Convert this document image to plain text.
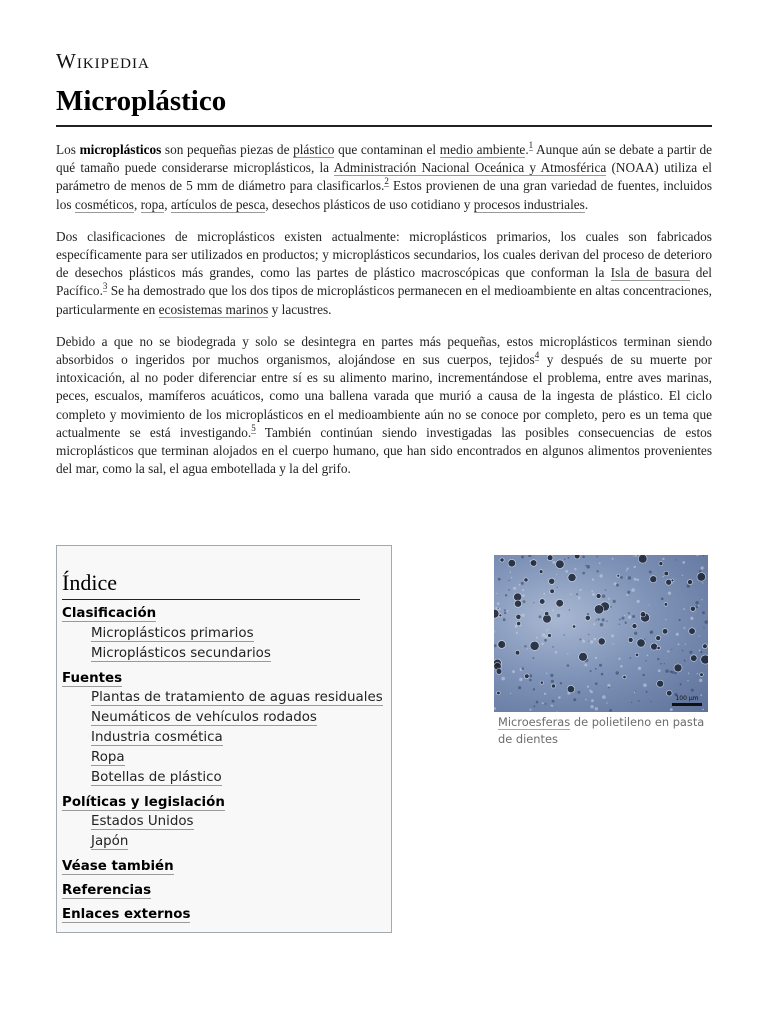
Wikipedia
Microplástico

Los microplásticos son pequeñas piezas de plástico que contaminan el medio ambiente.$^1$ Aunque aún se debate a partir de qué tamaño puede considerarse microplásticos, la Administración Nacional Oceánica y Atmosférica (NOAA) utiliza el parámetro de menos de 5 mm de diámetro para clasificarlos.$^2$ Estos provienen de una gran variedad de fuentes, incluidos los cosméticos, ropa, artículos de pesca, desechos plásticos de uso cotidiano y procesos industriales.

Dos clasificaciones de microplásticos existen actualmente: microplásticos primarios, los cuales son fabricados específicamente para ser utilizados en productos; y microplásticos secundarios, los cuales derivan del proceso de deterioro de desechos plásticos más grandes, como las partes de plástico macroscópicas que conforman la Isla de basura del Pacífico.$^3$ Se ha demostrado que los dos tipos de microplásticos permanecen en el medioambiente en altas concentraciones, particularmente en ecosistemas marinos y lacustres.

Debido a que no se biodegrada y solo se desintegra en partes más pequeñas, estos microplásticos terminan siendo absorbidos o ingeridos por muchos organismos, alojándose en sus cuerpos, tejidos$^4$ y después de su muerte por intoxicación, al no poder diferenciar entre sí es su alimento marino, incrementándose el problema, entre aves marinas, peces, escualos, mamíferos acuáticos, como una ballena varada que murió a causa de la ingesta de plástico. El ciclo completo y movimiento de los microplásticos en el medioambiente aún no se conoce por completo, pero es un tema que actualmente se está investigando.$^5$ También continúan siendo investigadas las posibles consecuencias de estos microplásticos que terminan alojados en el cuerpo humano, que han sido encontrados en algunos alimentos provenientes del mar, como la sal, el agua embotellada y la del grifo.

Índice
Clasificación
Microplásticos primarios
Microplásticos secundarios
Fuentes
Plantas de tratamiento de aguas residuales
Neumáticos de vehículos rodados
Industria cosmética
Ropa
Botellas de plástico
Políticas y legislación
Estados Unidos
Japón
Véase también
Referencias
Enlaces externos
100 µm
Microesferas de polietileno en pasta de dientes
